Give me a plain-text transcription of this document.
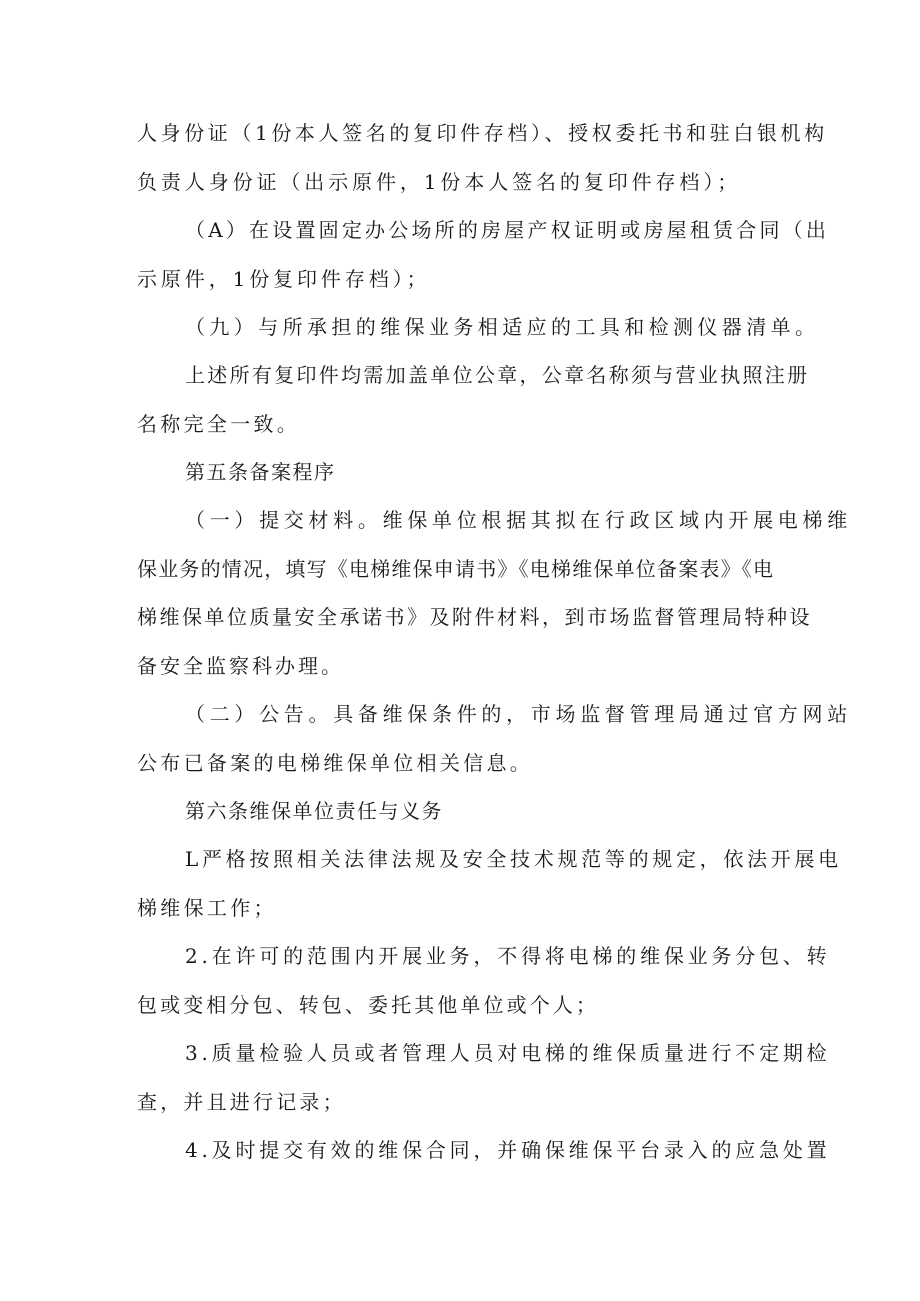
人身份证（1份本人签名的复印件存档）、授权委托书和驻白银机构
负责人身份证（出示原件，1份本人签名的复印件存档）；
（A）在设置固定办公场所的房屋产权证明或房屋租赁合同（出
示原件，1份复印件存档）；
（九）与所承担的维保业务相适应的工具和检测仪器清单。
上述所有复印件均需加盖单位公章，公章名称须与营业执照注册
名称完全一致。
第五条备案程序
（一）提交材料。维保单位根据其拟在行政区域内开展电梯维
保业务的情况，填写《电梯维保申请书》《电梯维保单位备案表》《电
梯维保单位质量安全承诺书》及附件材料，到市场监督管理局特种设
备安全监察科办理。
（二）公告。具备维保条件的，市场监督管理局通过官方网站
公布已备案的电梯维保单位相关信息。
第六条维保单位责任与义务
L严格按照相关法律法规及安全技术规范等的规定，依法开展电
梯维保工作；
2.在许可的范围内开展业务，不得将电梯的维保业务分包、转
包或变相分包、转包、委托其他单位或个人；
3.质量检验人员或者管理人员对电梯的维保质量进行不定期检
查，并且进行记录；
4.及时提交有效的维保合同，并确保维保平台录入的应急处置
